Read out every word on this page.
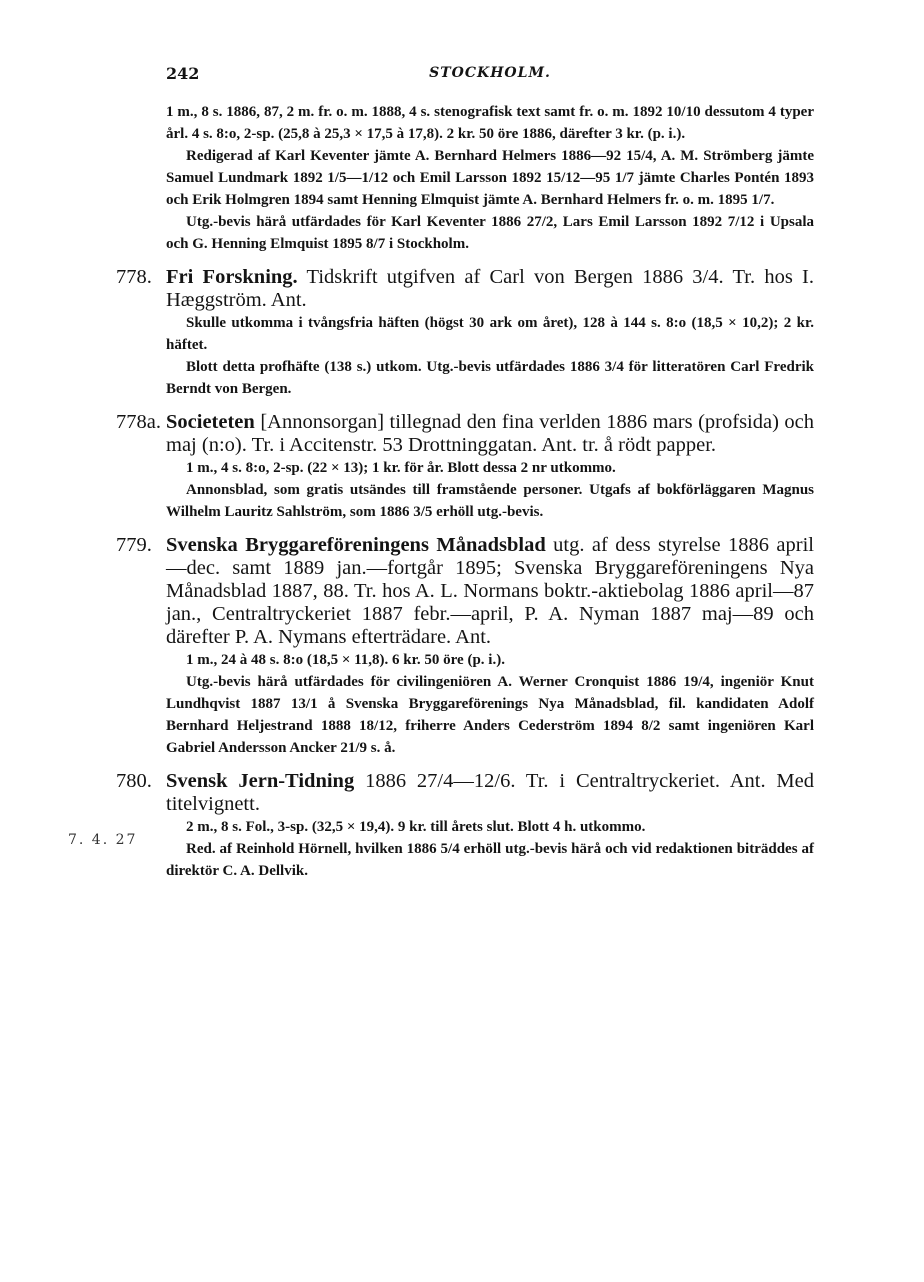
242	STOCKHOLM.

1 m., 8 s. 1886, 87, 2 m. fr. o. m. 1888, 4 s. stenografisk text samt fr. o. m. 1892 10/10 dessutom 4 typer årl. 4 s. 8:o, 2-sp. (25,8 à 25,3 × 17,5 à 17,8). 2 kr. 50 öre 1886, därefter 3 kr. (p. i.).

Redigerad af Karl Keventer jämte A. Bernhard Helmers 1886—92 15/4, A. M. Strömberg jämte Samuel Lundmark 1892 1/5—1/12 och Emil Larsson 1892 15/12—95 1/7 jämte Charles Pontén 1893 och Erik Holmgren 1894 samt Henning Elmquist jämte A. Bernhard Helmers fr. o. m. 1895 1/7.

Utg.-bevis härå utfärdades för Karl Keventer 1886 27/2, Lars Emil Larsson 1892 7/12 i Upsala och G. Henning Elmquist 1895 8/7 i Stockholm.

778. Fri Forskning. Tidskrift utgifven af Carl von Bergen 1886 3/4. Tr. hos I. Hæggström. Ant.

Skulle utkomma i tvångsfria häften (högst 30 ark om året), 128 à 144 s. 8:o (18,5 × 10,2); 2 kr. häftet.

Blott detta profhäfte (138 s.) utkom. Utg.-bevis utfärdades 1886 3/4 för litteratören Carl Fredrik Berndt von Bergen.

778a. Societeten [Annonsorgan] tillegnad den fina verlden 1886 mars (profsida) och maj (n:o). Tr. i Accitenstr. 53 Drottninggatan. Ant. tr. å rödt papper.

1 m., 4 s. 8:o, 2-sp. (22 × 13); 1 kr. för år. Blott dessa 2 nr utkommo.

Annonsblad, som gratis utsändes till framstående personer. Utgafs af bokförläggaren Magnus Wilhelm Lauritz Sahlström, som 1886 3/5 erhöll utg.-bevis.

779. Svenska Bryggareföreningens Månadsblad utg. af dess styrelse 1886 april—dec. samt 1889 jan.—fortgår 1895; Svenska Bryggareföreningens Nya Månadsblad 1887, 88. Tr. hos A. L. Normans boktr.-aktiebolag 1886 april—87 jan., Centraltryckeriet 1887 febr.—april, P. A. Nyman 1887 maj—89 och därefter P. A. Nymans efterträdare. Ant.

1 m., 24 à 48 s. 8:o (18,5 × 11,8). 6 kr. 50 öre (p. i.).

Utg.-bevis härå utfärdades för civilingeniören A. Werner Cronquist 1886 19/4, ingeniör Knut Lundhqvist 1887 13/1 å Svenska Bryggareförenings Nya Månadsblad, fil. kandidaten Adolf Bernhard Heljestrand 1888 18/12, friherre Anders Cederström 1894 8/2 samt ingeniören Karl Gabriel Andersson Ancker 21/9 s. å.

780. Svensk Jern-Tidning 1886 27/4—12/6. Tr. i Centraltryckeriet. Ant. Med titelvignett.

2 m., 8 s. Fol., 3-sp. (32,5 × 19,4). 9 kr. till årets slut. Blott 4 h. utkommo.

Red. af Reinhold Hörnell, hvilken 1886 5/4 erhöll utg.-bevis härå och vid redaktionen biträddes af direktör C. A. Dellvik.

7. 4. 27
